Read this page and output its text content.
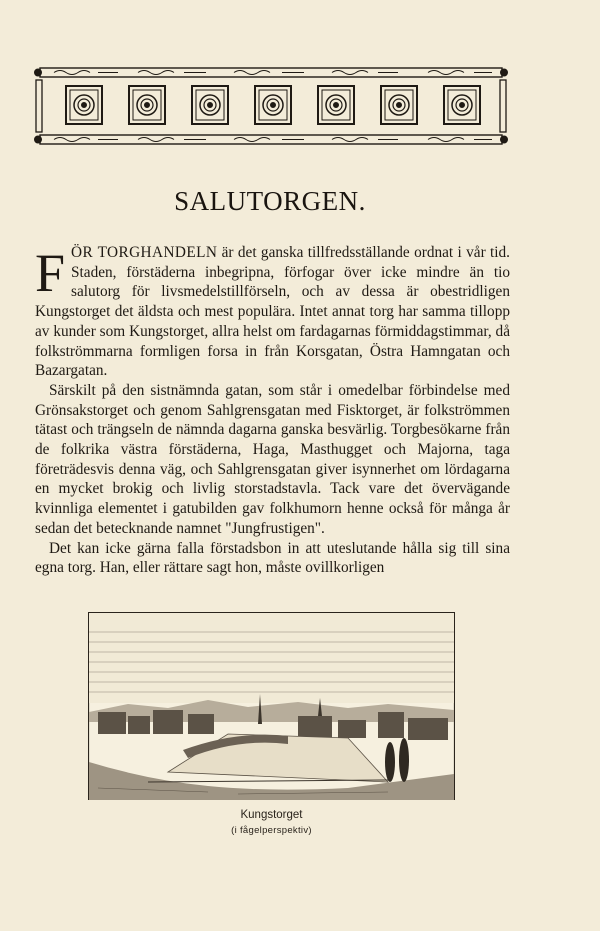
SALUTORGEN.

FÖR TORGHANDELN är det ganska tillfredsställande ordnat i vår tid. Staden, förstäderna inbegripna, förfogar över icke mindre än tio salutorg för livsmedelstillförseln, och av dessa är obestridligen Kungstorget det äldsta och mest populära. Intet annat torg har samma tillopp av kunder som Kungstorget, allra helst om fardagarnas förmiddagstimmar, då folkströmmarna formligen forsa in från Korsgatan, Östra Hamngatan och Bazargatan.

Särskilt på den sistnämnda gatan, som står i omedelbar förbindelse med Grönsakstorget och genom Sahlgrensgatan med Fisktorget, är folkströmmen tätast och trängseln de nämnda dagarna ganska besvärlig. Torgbesökarne från de folkrika västra förstäderna, Haga, Masthugget och Majorna, taga företrädesvis denna väg, och Sahlgrensgatan giver isynnerhet om lördagarna en mycket brokig och livlig storstadstavla. Tack vare det övervägande kvinnliga elementet i gatubilden gav folkhumorn henne också för många år sedan det betecknande namnet "Jungfrustigen".

Det kan icke gärna falla förstadsbon in att uteslutande hålla sig till sina egna torg. Han, eller rättare sagt hon, måste ovillkorligen

Kungstorget
(i fågelperspektiv)
